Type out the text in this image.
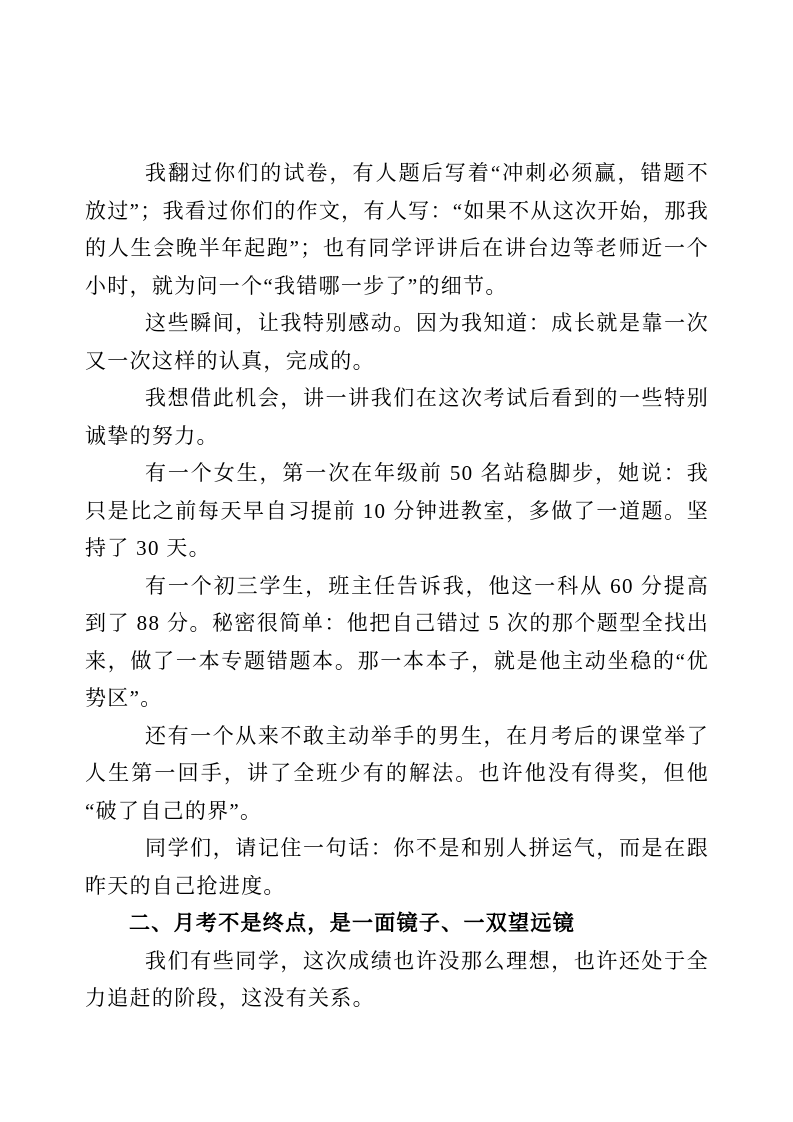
我翻过你们的试卷，有人题后写着“冲刺必须赢，错题不放过”；我看过你们的作文，有人写：“如果不从这次开始，那我的人生会晚半年起跑”；也有同学评讲后在讲台边等老师近一个小时，就为问一个“我错哪一步了”的细节。

这些瞬间，让我特别感动。因为我知道：成长就是靠一次又一次这样的认真，完成的。

我想借此机会，讲一讲我们在这次考试后看到的一些特别诚挚的努力。

有一个女生，第一次在年级前 50 名站稳脚步，她说：我只是比之前每天早自习提前 10 分钟进教室，多做了一道题。坚持了 30 天。

有一个初三学生，班主任告诉我，他这一科从 60 分提高到了 88 分。秘密很简单：他把自己错过 5 次的那个题型全找出来，做了一本专题错题本。那一本本子，就是他主动坐稳的“优势区”。

还有一个从来不敢主动举手的男生，在月考后的课堂举了人生第一回手，讲了全班少有的解法。也许他没有得奖，但他“破了自己的界”。

同学们，请记住一句话：你不是和别人拼运气，而是在跟昨天的自己抢进度。

二、月考不是终点，是一面镜子、一双望远镜

我们有些同学，这次成绩也许没那么理想，也许还处于全力追赶的阶段，这没有关系。
